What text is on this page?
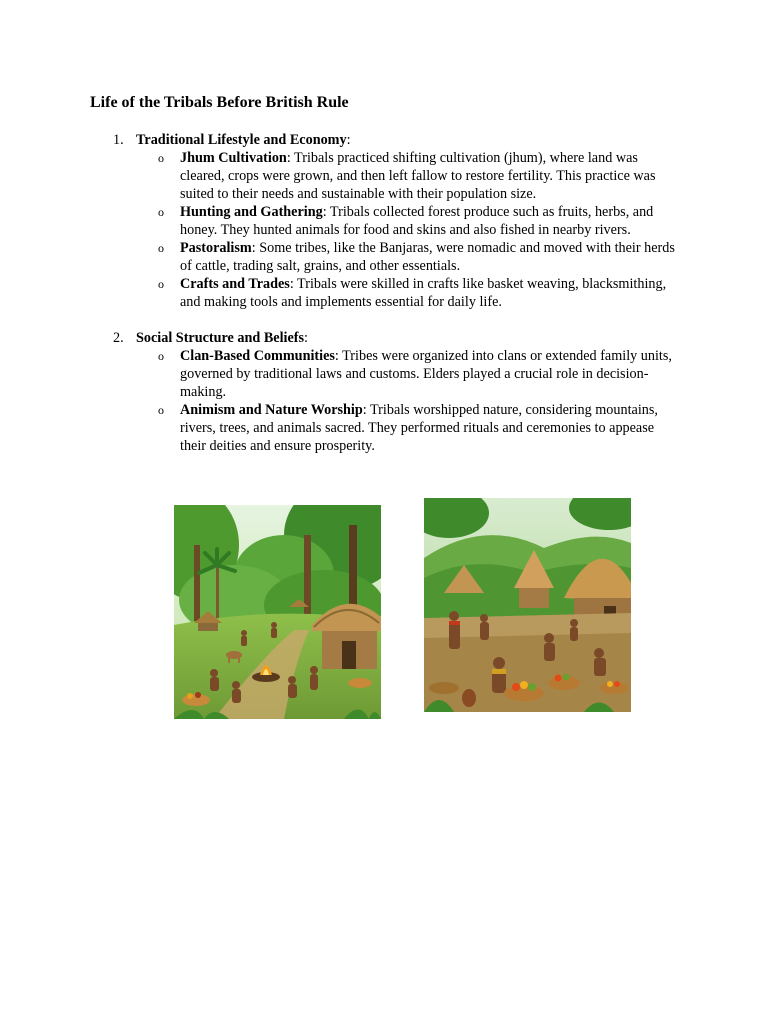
Life of the Tribals Before British Rule
1. Traditional Lifestyle and Economy:
o Jhum Cultivation: Tribals practiced shifting cultivation (jhum), where land was cleared, crops were grown, and then left fallow to restore fertility. This practice was suited to their needs and sustainable with their population size.
o Hunting and Gathering: Tribals collected forest produce such as fruits, herbs, and honey. They hunted animals for food and skins and also fished in nearby rivers.
o Pastoralism: Some tribes, like the Banjaras, were nomadic and moved with their herds of cattle, trading salt, grains, and other essentials.
o Crafts and Trades: Tribals were skilled in crafts like basket weaving, blacksmithing, and making tools and implements essential for daily life.
2. Social Structure and Beliefs:
o Clan-Based Communities: Tribes were organized into clans or extended family units, governed by traditional laws and customs. Elders played a crucial role in decision-making.
o Animism and Nature Worship: Tribals worshipped nature, considering mountains, rivers, trees, and animals sacred. They performed rituals and ceremonies to appease their deities and ensure prosperity.
